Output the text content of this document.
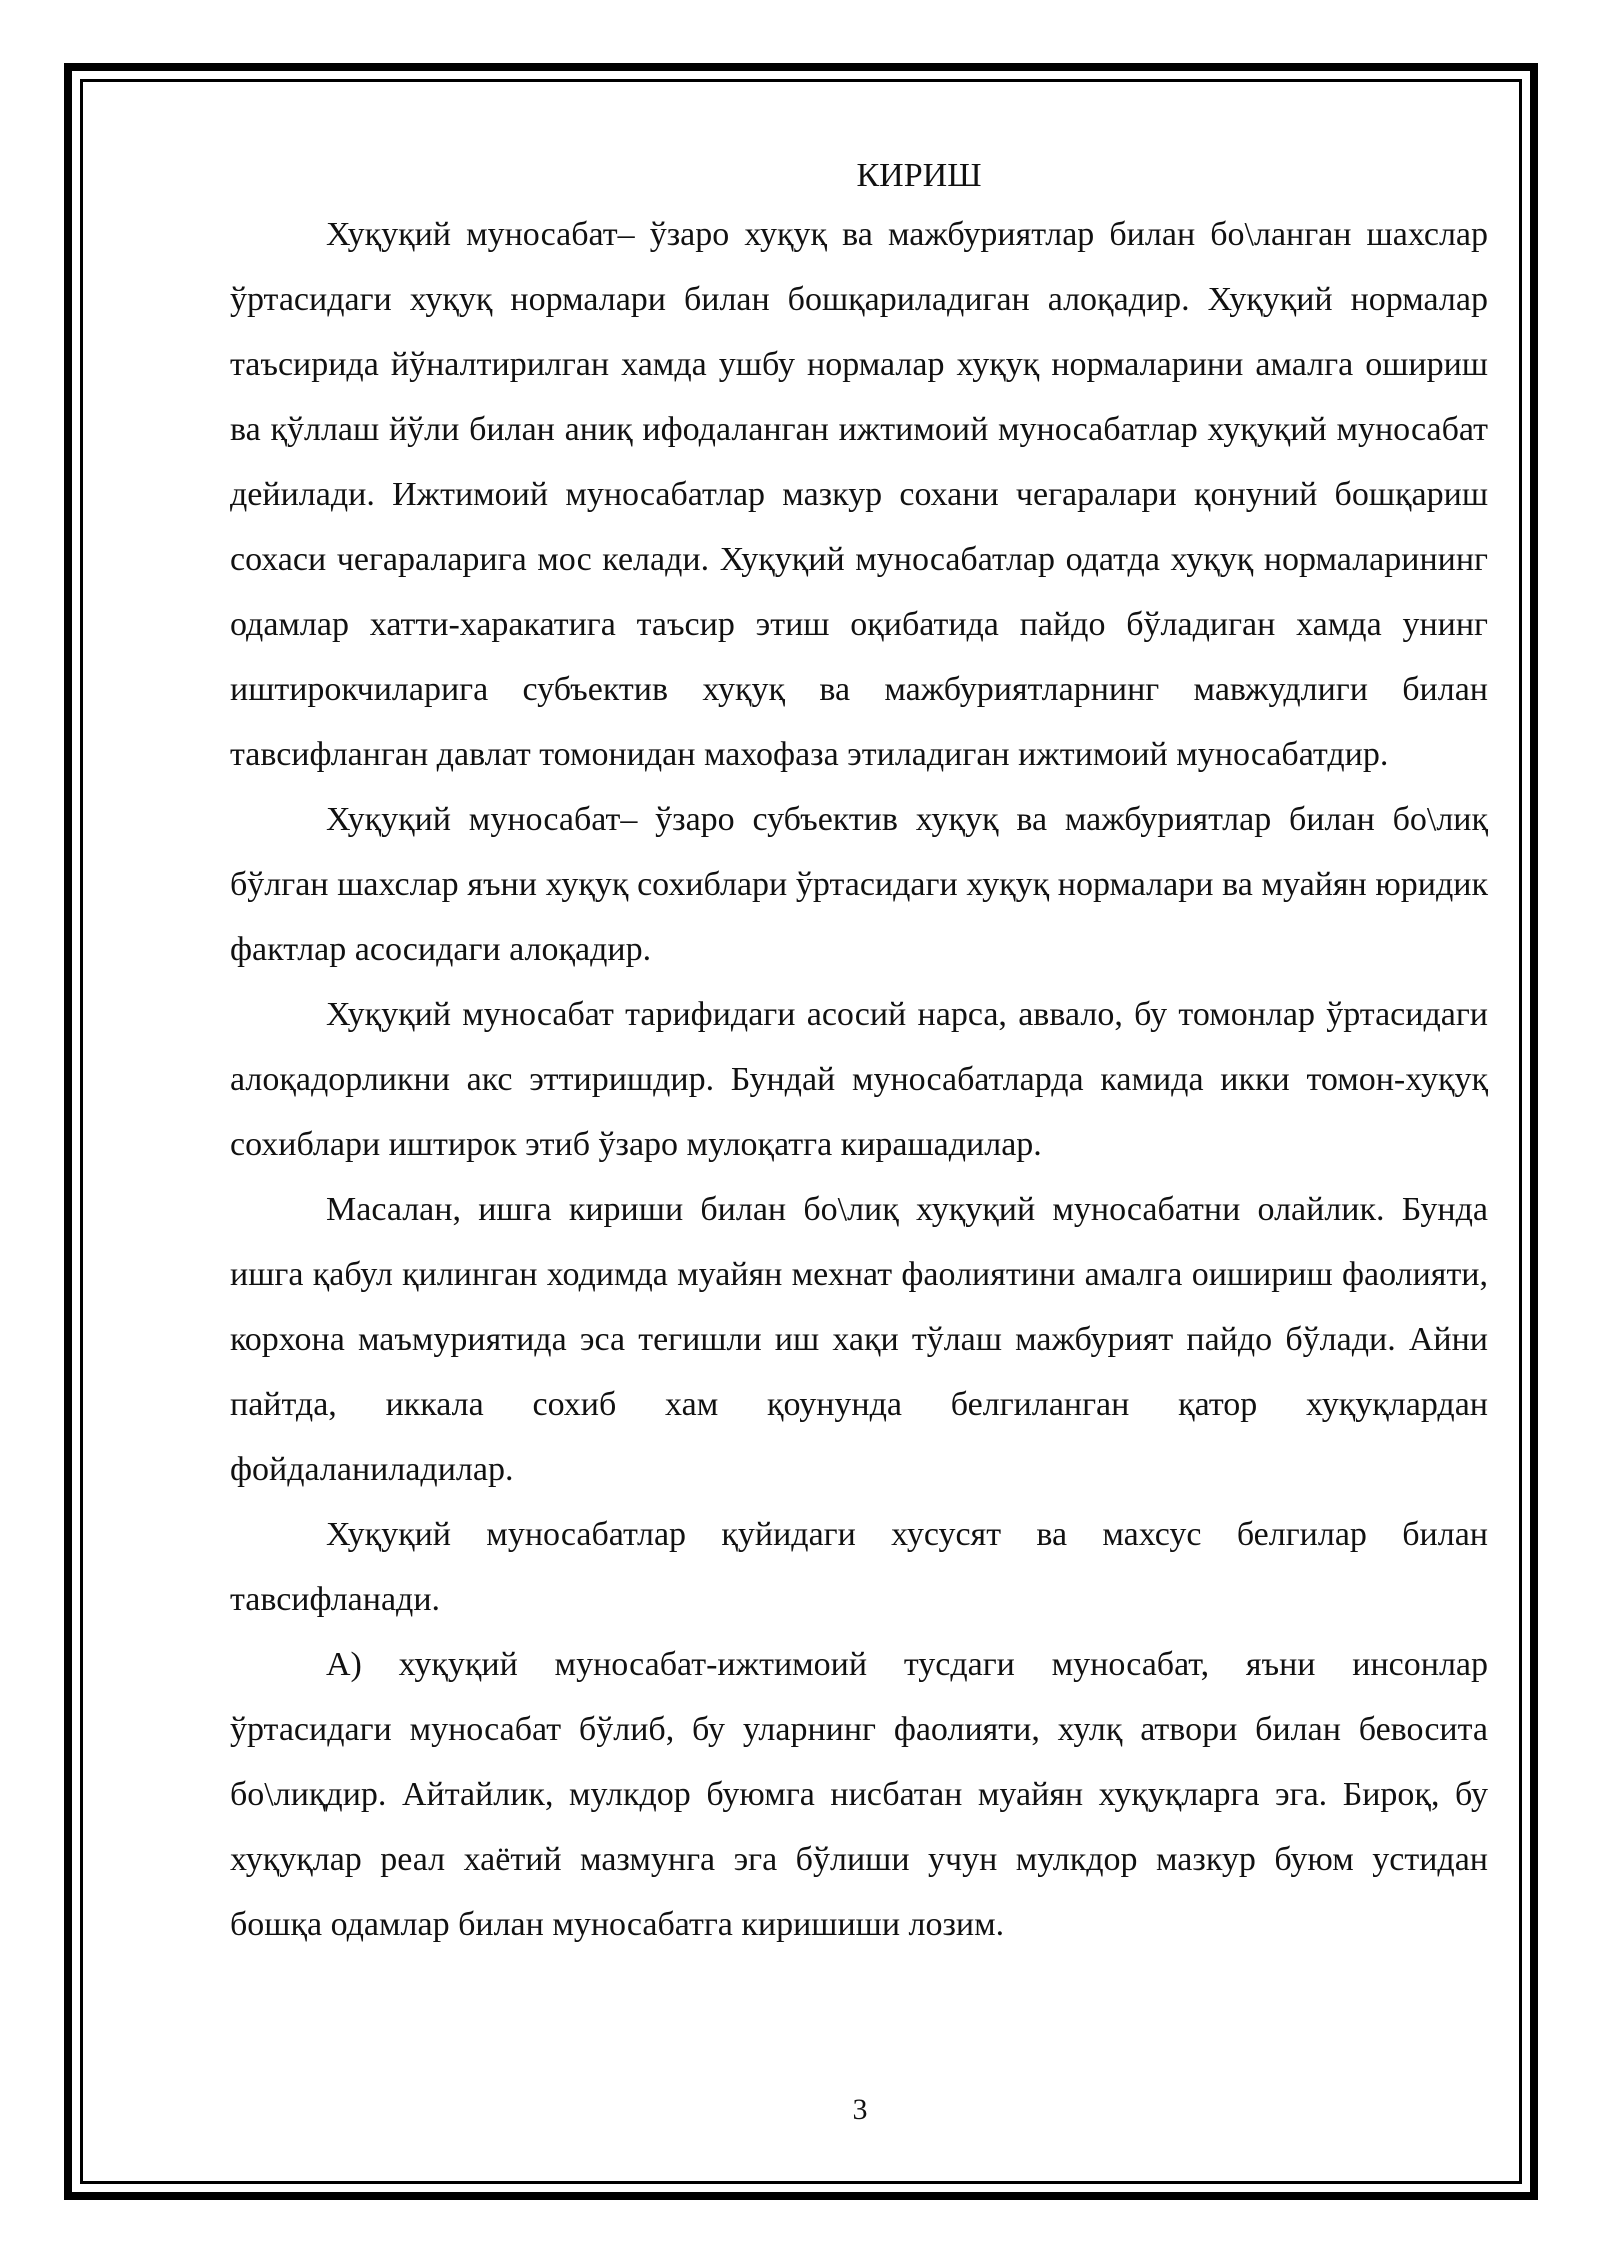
КИРИШ

Хуқуқий муносабат– ўзаро хуқуқ ва мажбуриятлар билан бо\ланган шахслар ўртасидаги хуқуқ нормалари билан бошқариладиган алоқадир. Хуқуқий нормалар таъсирида йўналтирилган хамда ушбу нормалар хуқуқ нормаларини амалга ошириш ва қўллаш йўли билан аниқ ифодаланган ижтимоий муносабатлар хуқуқий муносабат дейилади. Ижтимоий муносабатлар мазкур сохани чегаралари қонуний бошқариш сохаси чегараларига мос келади. Хуқуқий муносабатлар одатда хуқуқ нормаларининг одамлар хатти-харакатига таъсир этиш оқибатида пайдо бўладиган хамда унинг иштирокчиларига субъектив хуқуқ ва мажбуриятларнинг мавжудлиги билан тавсифланган давлат томонидан махофаза этиладиган ижтимоий муносабатдир.

Хуқуқий муносабат– ўзаро субъектив хуқуқ ва мажбуриятлар билан бо\лиқ бўлган шахслар яъни хуқуқ сохиблари ўртасидаги хуқуқ нормалари ва муайян юридик фактлар асосидаги алоқадир.

Хуқуқий муносабат тарифидаги асосий нарса, аввало, бу томонлар ўртасидаги алоқадорликни акс эттиришдир. Бундай муносабатларда камида икки томон-хуқуқ сохиблари иштирок этиб ўзаро мулоқатга кирашадилар.

Масалан, ишга кириши билан бо\лиқ хуқуқий муносабатни олайлик. Бунда ишга қабул қилинган ходимда муайян мехнат фаолиятини амалга оишириш фаолияти, корхона маъмуриятида эса тегишли иш хақи тўлаш мажбурият пайдо бўлади. Айни пайтда, иккала сохиб хам қоунунда белгиланган қатор хуқуқлардан фойдаланиладилар.

Хуқуқий муносабатлар қуйидаги хусусят ва махсус белгилар билан тавсифланади.

А) хуқуқий муносабат-ижтимоий тусдаги муносабат, яъни инсонлар ўртасидаги муносабат бўлиб, бу уларнинг фаолияти, хулқ атвори билан бевосита бо\лиқдир. Айтайлик, мулкдор буюмга нисбатан муайян хуқуқларга эга. Бироқ, бу хуқуқлар реал хаётий мазмунга эга бўлиши учун мулкдор мазкур буюм устидан бошқа одамлар билан муносабатга киришиши лозим.

3
